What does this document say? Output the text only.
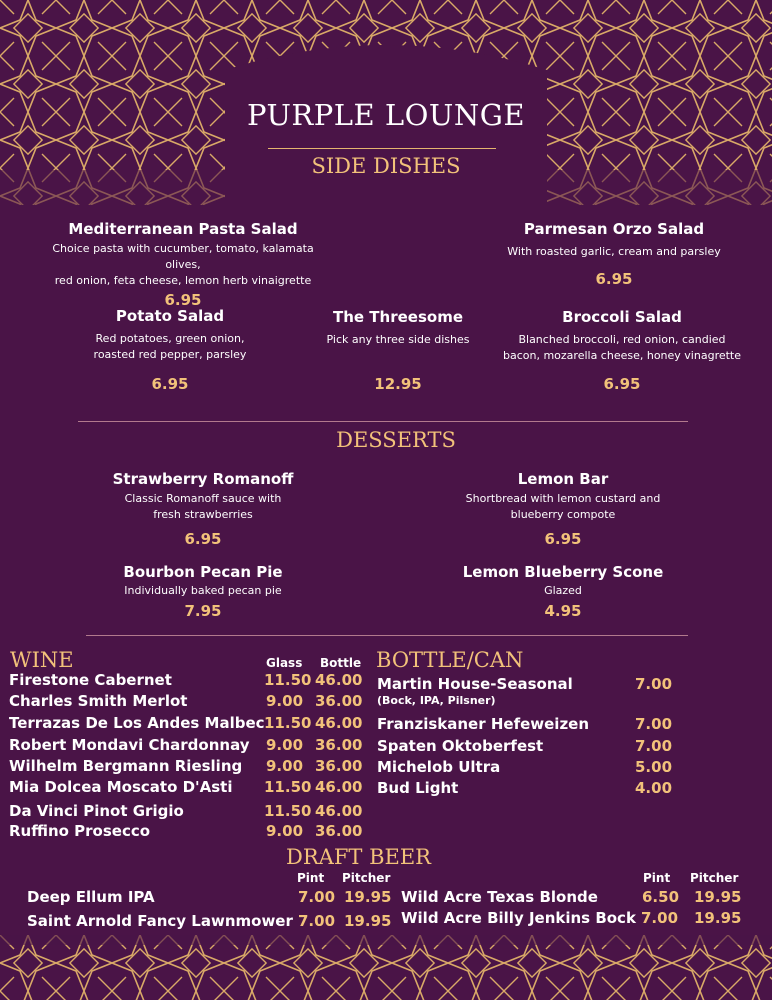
PURPLE LOUNGE
SIDE DISHES
Mediterranean Pasta Salad
Choice pasta with cucumber, tomato, kalamata olives,
red onion, feta cheese, lemon herb vinaigrette
6.95
Parmesan Orzo Salad
With roasted garlic, cream and parsley
6.95
Potato Salad
Red potatoes, green onion,
roasted red pepper, parsley
6.95
The Threesome
Pick any three side dishes
12.95
Broccoli Salad
Blanched broccoli, red onion, candied
bacon, mozarella cheese, honey vinagrette
6.95
DESSERTS
Strawberry Romanoff
Classic Romanoff sauce with
fresh strawberries
6.95
Lemon Bar
Shortbread with lemon custard and
blueberry compote
6.95
Bourbon Pecan Pie
Individually baked pecan pie
7.95
Lemon Blueberry Scone
Glazed
4.95
WINE	Glass Bottle
Firestone Cabernet	11.50 46.00
Charles Smith Merlot	9.00 36.00
Terrazas De Los Andes Malbec 11.50 46.00
Robert Mondavi Chardonnay 9.00 36.00
Wilhelm Bergmann Riesling 9.00 36.00
Mia Dolcea Moscato D'Asti 11.50 46.00
Da Vinci Pinot Grigio	11.50 46.00
Ruffino Prosecco	9.00 36.00
BOTTLE/CAN
Martin House-Seasonal	7.00
(Bock, IPA, Pilsner)
Franziskaner Hefeweizen	7.00
Spaten Oktoberfest	7.00
Michelob Ultra	5.00
Bud Light	4.00
DRAFT BEER
Pint Pitcher	Pint Pitcher
Deep Ellum IPA	7.00 19.95
Saint Arnold Fancy Lawnmower 7.00 19.95
Wild Acre Texas Blonde	6.50 19.95
Wild Acre Billy Jenkins Bock 7.00 19.95
